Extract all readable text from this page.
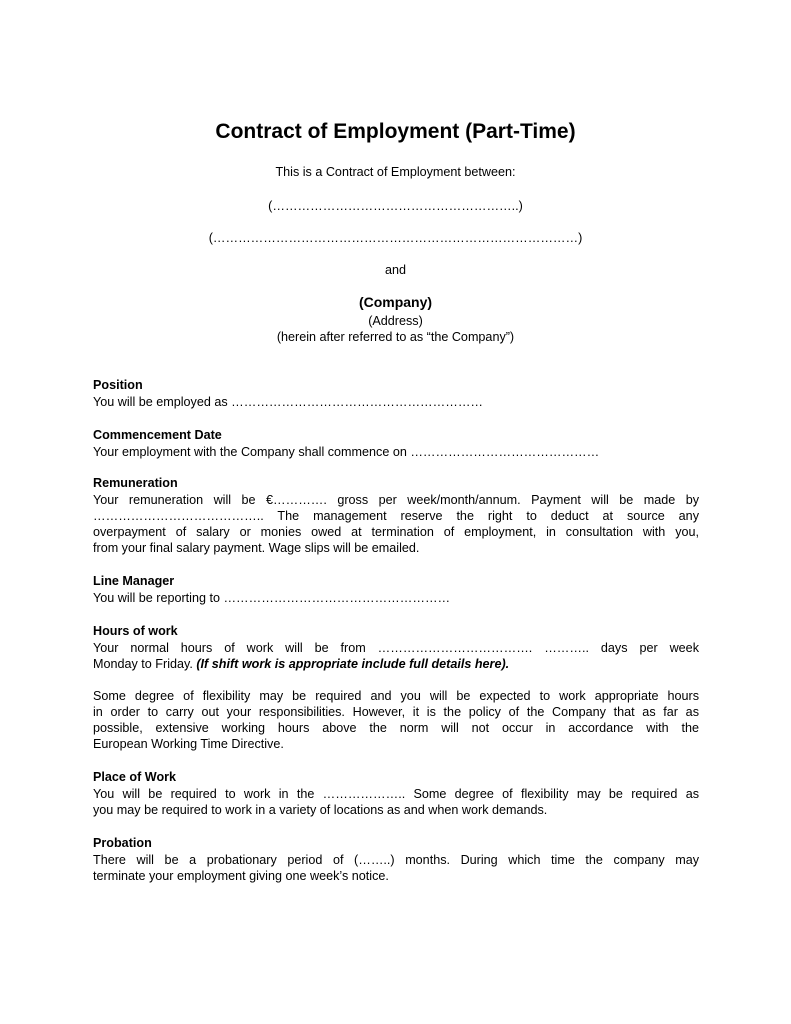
Contract of Employment (Part-Time)
This is a Contract of Employment between:
(…………………………………………………..)
(……………………………………………………………………………)
and
(Company)
(Address)
(herein after referred to as “the Company”)
Position
You will be employed as ……………………………………………………
Commencement Date
Your employment with the Company shall commence on ………………………………………
Remuneration
Your remuneration will be €…………. gross per week/month/annum. Payment will be made by
………………………………….. The management reserve the right to deduct at source any
overpayment of salary or monies owed at termination of employment, in consultation with you,
from your final salary payment. Wage slips will be emailed.
Line Manager
You will be reporting to ………………………………………………
Hours of work
Your normal hours of work will be from ………………………………. ……….. days per week
Monday to Friday. (If shift work is appropriate include full details here).
Some degree of flexibility may be required and you will be expected to work appropriate hours
in order to carry out your responsibilities. However, it is the policy of the Company that as far as
possible, extensive working hours above the norm will not occur in accordance with the
European Working Time Directive.
Place of Work
You will be required to work in the ……………….. Some degree of flexibility may be required as
you may be required to work in a variety of locations as and when work demands.
Probation
There will be a probationary period of (……..) months. During which time the company may
terminate your employment giving one week’s notice.
